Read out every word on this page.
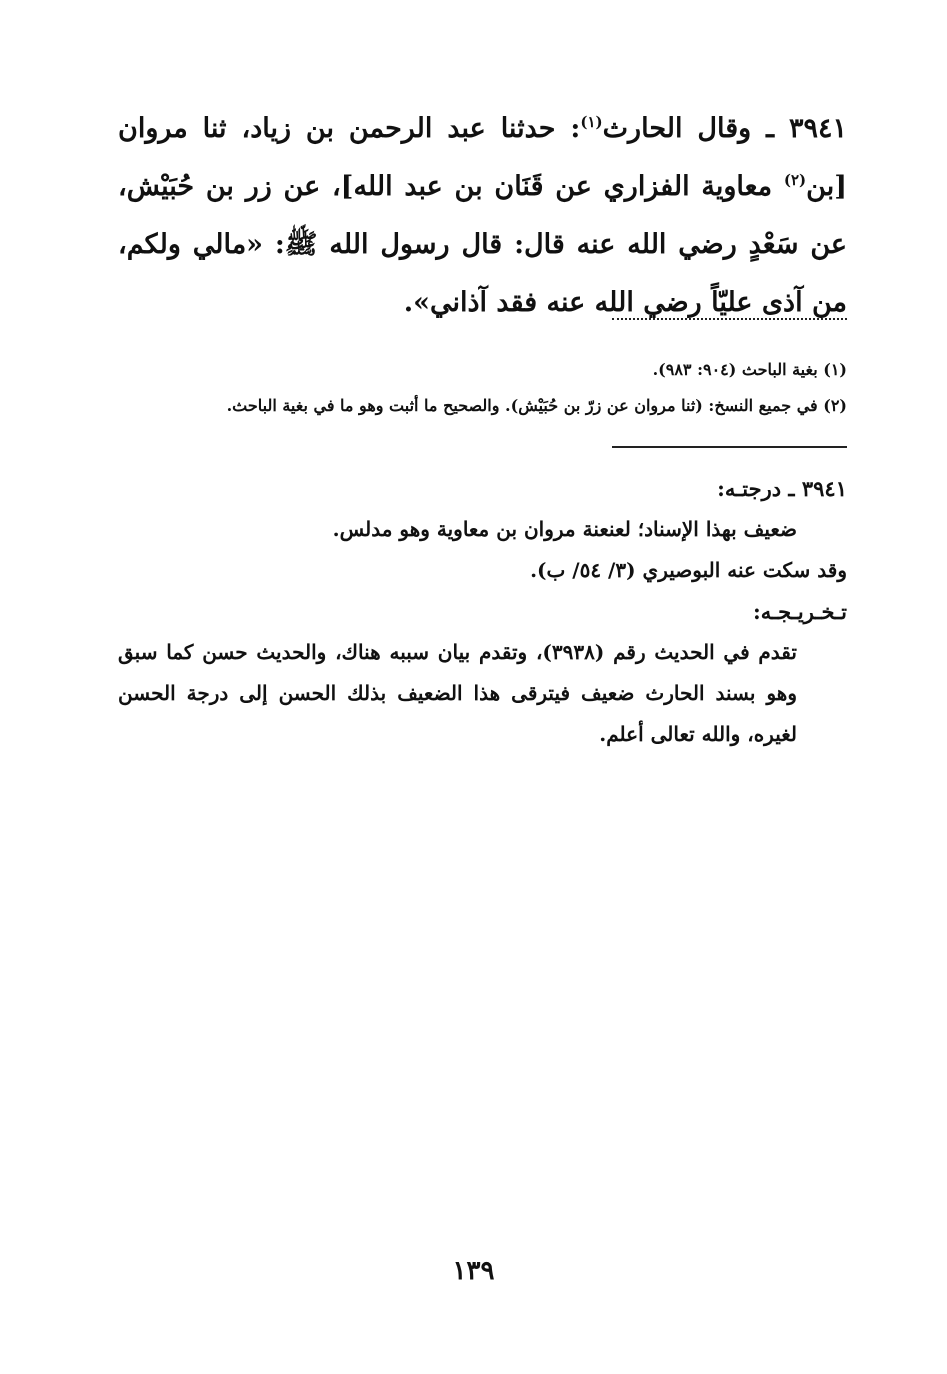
٣٩٤١ ـ وقال الحارث$^{(١)}$: حدثنا عبد الرحمن بن زياد، ثنا مروان [بن$^{(٢)}$ معاوية الفزاري عن قَنَان بن عبد الله]، عن زر بن حُبَيْش، عن سَعْدٍ رضي الله عنه قال: قال رسول الله ﷺ: «مالي ولكم، من آذى عليّاً رضي الله عنه فقد آذاني».

(١) بغية الباحث (٩٠٤: ٩٨٣).

(٢) في جميع النسخ: (ثنا مروان عن زرّ بن حُبَيْش). والصحيح ما أثبت وهو ما في بغية الباحث.

٣٩٤١ ـ درجتـه:

ضعيف بهذا الإسناد؛ لعنعنة مروان بن معاوية وهو مدلس.

وقد سكت عنه البوصيري (٣/ ٥٤/ ب).

تـخـريـجـه:

تقدم في الحديث رقم (٣٩٣٨)، وتقدم بيان سببه هناك، والحديث حسن كما سبق وهو بسند الحارث ضعيف فيترقى هذا الضعيف بذلك الحسن إلى درجة الحسن لغيره، والله تعالى أعلم.

١٣٩
